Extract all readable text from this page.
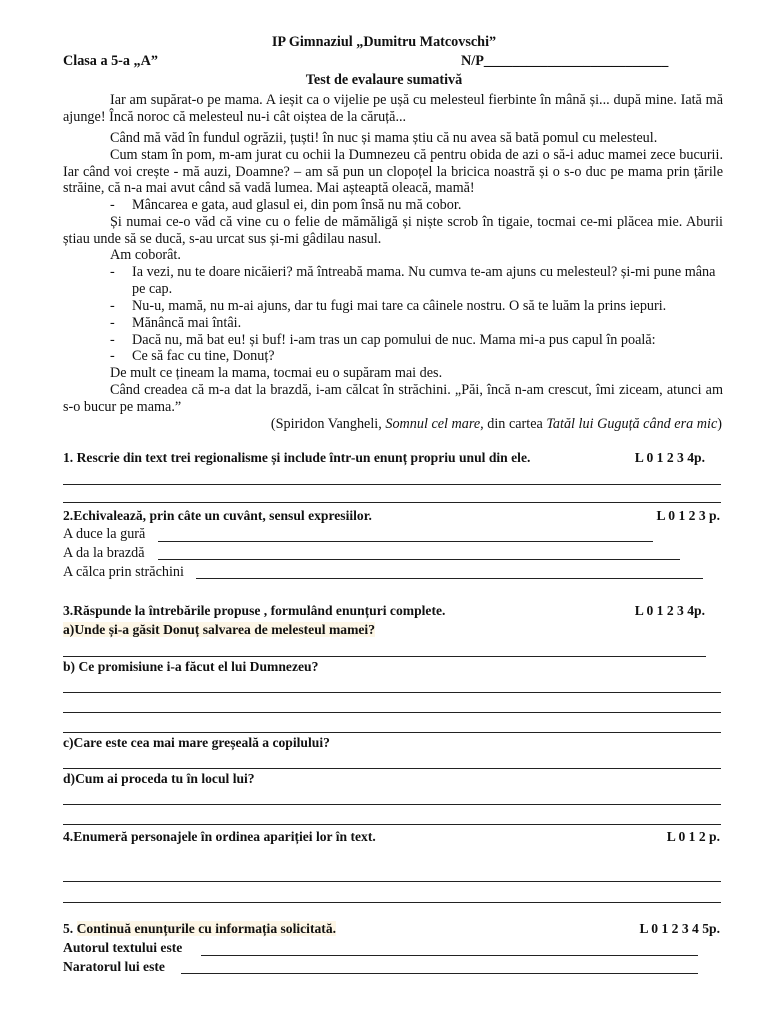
IP Gimnaziul „Dumitru Matcovschi”
Clasa a 5-a „A”	N/P__________________________
Test de evalaure sumativă
Iar am supărat-o pe mama. A ieșit ca o vijelie pe ușă cu melesteul fierbinte în mână și... după mine. Iată mă ajunge! Încă noroc că melesteul nu-i cât oiștea de la căruță...
Când mă văd în fundul ogrăzii, țuști! în nuc și mama știu că nu avea să bată pomul cu melesteul.
Cum stam în pom, m-am jurat cu ochii la Dumnezeu că pentru obida de azi o să-i aduc mamei zece bucurii. Iar când voi crește - mă auzi, Doamne? – am să pun un clopoțel la bricica noastră și o s-o duc pe mama prin țările străine, că n-a mai avut când să vadă lumea. Mai așteaptă oleacă, mamă!
- Mâncarea e gata, aud glasul ei, din pom însă nu mă cobor.
Și numai ce-o văd că vine cu o felie de mămăligă și niște scrob în tigaie, tocmai ce-mi plăcea mie. Aburii știau unde să se ducă, s-au urcat sus și-mi gâdilau nasul.
Am coborât.
- Ia vezi, nu te doare nicăieri? mă întreabă mama. Nu cumva te-am ajuns cu melesteul? și-mi pune mâna pe cap.
- Nu-u, mamă, nu m-ai ajuns, dar tu fugi mai tare ca câinele nostru. O să te luăm la prins iepuri.
- Mănâncă mai întâi.
- Dacă nu, mă bat eu! și buf! i-am tras un cap pomului de nuc. Mama mi-a pus capul în poală:
- Ce să fac cu tine, Donuț?
De mult ce țineam la mama, tocmai eu o supăram mai des.
Când creadea că m-a dat la brazdă, i-am călcat în străchini. „Păi, încă n-am crescut, îmi ziceam, atunci am s-o bucur pe mama.”
(Spiridon Vangheli, Somnul cel mare, din cartea Tatăl lui Guguță când era mic)
1. Rescrie din text trei regionalisme și include într-un enunț propriu unul din ele.	L 0 1 2 3 4p.
2.Echivalează, prin câte un cuvânt, sensul expresiilor.	L 0 1 2 3 p.
A duce la gură
A da la brazdă
A călca prin străchini
3.Răspunde la întrebările propuse , formulând enunțuri complete.	L 0 1 2 3 4p.
a)Unde și-a găsit Donuț salvarea de melesteul mamei?
b) Ce promisiune i-a făcut el lui Dumnezeu?
c)Care este cea mai mare greșeală a copilului?
d)Cum ai proceda tu în locul lui?
4.Enumeră personajele în ordinea apariției lor în text.	L 0 1 2 p.
5. Continuă enunțurile cu informația solicitată.	L 0 1 2 3 4 5p.
Autorul textului este
Naratorul lui este
